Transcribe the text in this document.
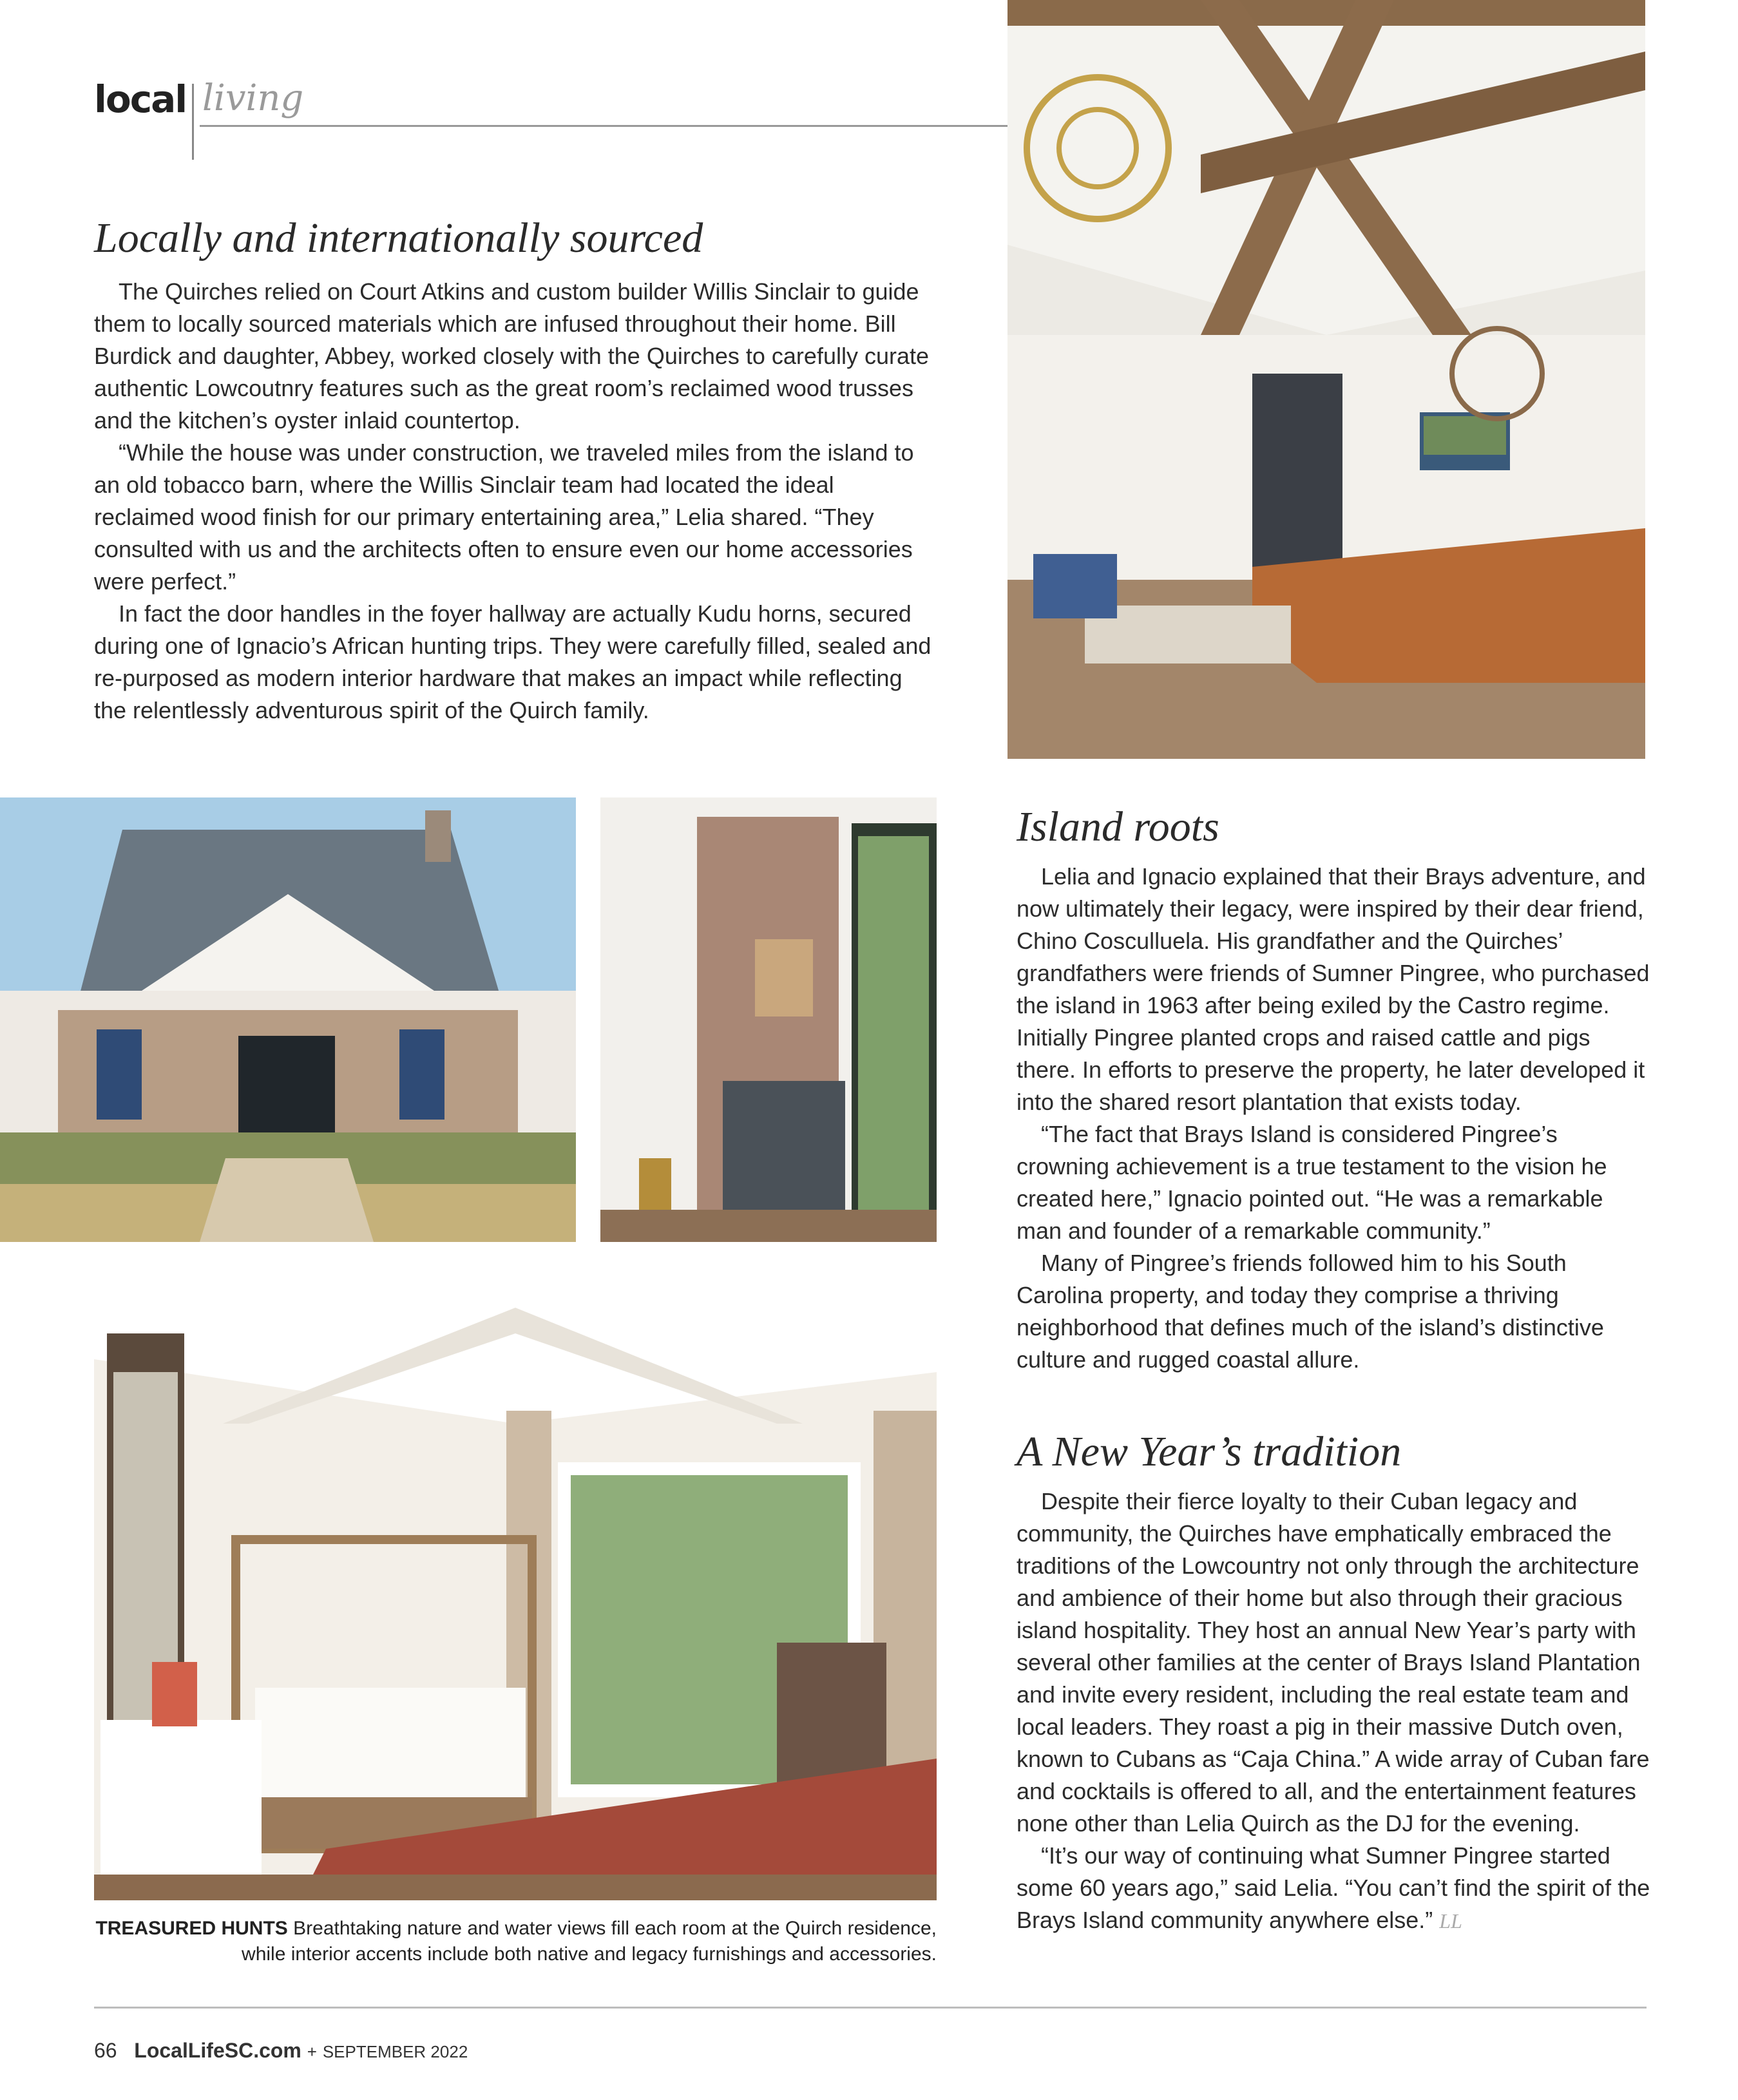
local living
Locally and internationally sourced

The Quirches relied on Court Atkins and custom builder Willis Sinclair to guide them to locally sourced materials which are infused throughout their home. Bill Burdick and daughter, Abbey, worked closely with the Quirches to carefully curate authentic Lowcoutnry features such as the great room’s reclaimed wood trusses and the kitchen’s oyster inlaid countertop.

“While the house was under construction, we traveled miles from the island to an old tobacco barn, where the Willis Sinclair team had located the ideal reclaimed wood finish for our primary entertaining area,” Lelia shared. “They consulted with us and the architects often to ensure even our home accessories were perfect.”

In fact the door handles in the foyer hallway are actually Kudu horns, secured during one of Ignacio’s African hunting trips. They were carefully filled, sealed and re-purposed as modern interior hardware that makes an impact while reflecting the relentlessly adventurous spirit of the Quirch family.

TREASURED HUNTS Breathtaking nature and water views fill each room at the Quirch residence, while interior accents include both native and legacy furnishings and accessories.
Island roots

Lelia and Ignacio explained that their Brays adventure, and now ultimately their legacy, were inspired by their dear friend, Chino Cosculluela. His grandfather and the Quirches’ grandfathers were friends of Sumner Pingree, who purchased the island in 1963 after being exiled by the Castro regime. Initially Pingree planted crops and raised cattle and pigs there. In efforts to preserve the property, he later developed it into the shared resort plantation that exists today.

“The fact that Brays Island is considered Pingree’s crowning achievement is a true testament to the vision he created here,” Ignacio pointed out. “He was a remarkable man and founder of a remarkable community.”

Many of Pingree’s friends followed him to his South Carolina property, and today they comprise a thriving neighborhood that defines much of the island’s distinctive culture and rugged coastal allure.

A New Year’s tradition

Despite their fierce loyalty to their Cuban legacy and community, the Quirches have emphatically embraced the traditions of the Lowcountry not only through the architecture and ambience of their home but also through their gracious island hospitality. They host an annual New Year’s party with several other families at the center of Brays Island Plantation and invite every resident, including the real estate team and local leaders. They roast a pig in their massive Dutch oven, known to Cubans as “Caja China.” A wide array of Cuban fare and cocktails is offered to all, and the entertainment features none other than Lelia Quirch as the DJ for the evening.

“It’s our way of continuing what Sumner Pingree started some 60 years ago,” said Lelia. “You can’t find the spirit of the Brays Island community anywhere else.” LL

66 LocalLifeSC.com + SEPTEMBER 2022
